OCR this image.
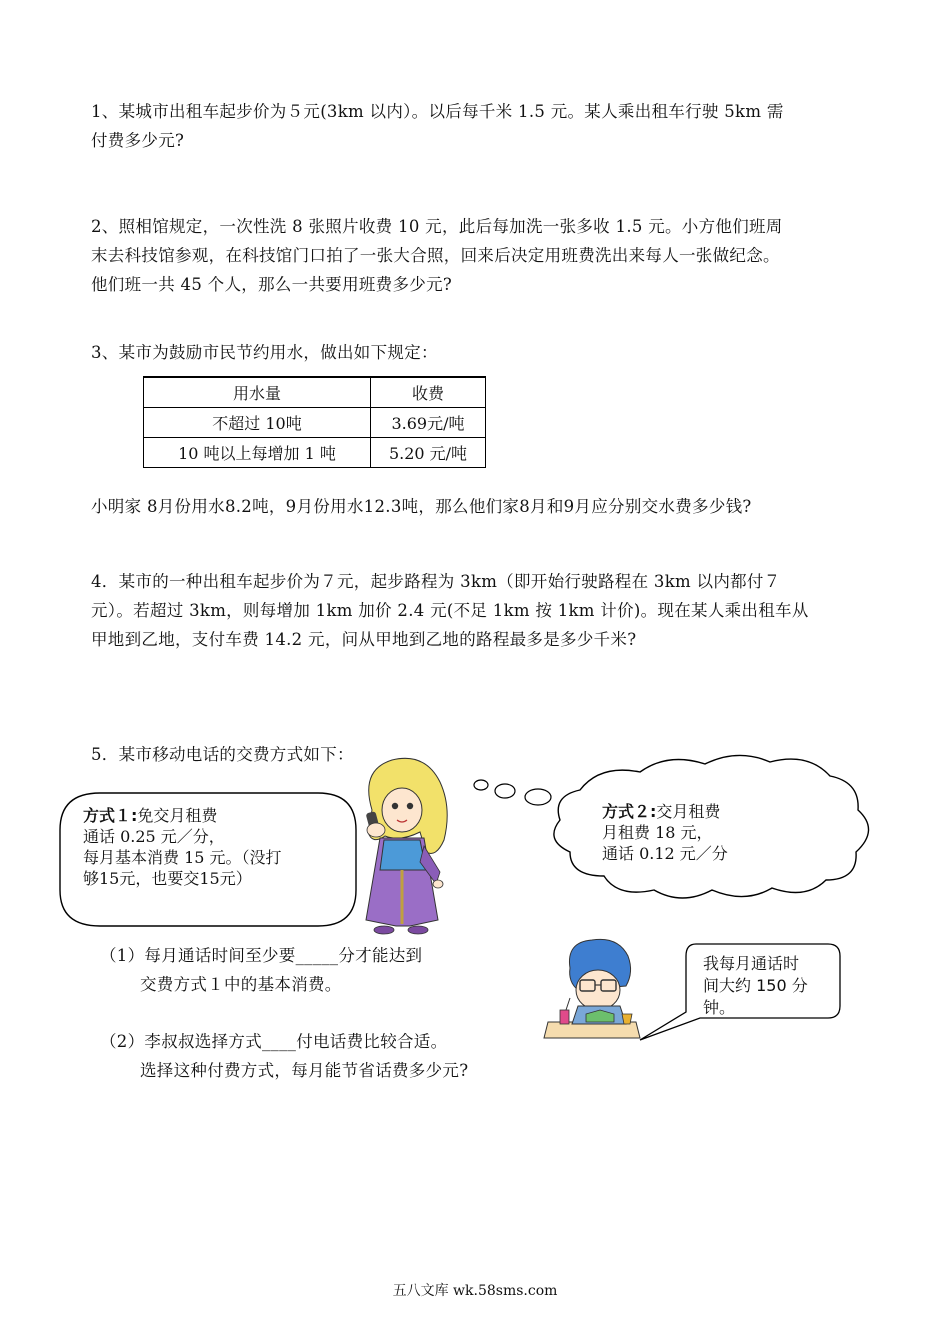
1、某城市出租车起步价为５元(3km 以内）。以后每千米 1.5 元。某人乘出租车行驶 5km 需
付费多少元?
2、照相馆规定，一次性洗 8 张照片收费 10 元，此后每加洗一张多收 1.5 元。小方他们班周
末去科技馆参观，在科技馆门口拍了一张大合照，回来后决定用班费洗出来每人一张做纪念。
他们班一共 45 个人，那么一共要用班费多少元?
3、某市为鼓励市民节约用水，做出如下规定：
用水量	收费
不超过 10吨	3.69元/吨
10 吨以上每增加 1 吨	5.20 元/吨
小明家 8月份用水8.2吨，9月份用水12.3吨，那么他们家8月和9月应分别交水费多少钱?
4．某市的一种出租车起步价为７元，起步路程为 3km（即开始行驶路程在 3km 以内都付７
元）。若超过 3km，则每增加 1km 加价 2.4 元(不足 1km 按 1km 计价)。现在某人乘出租车从
甲地到乙地，支付车费 14.2 元，问从甲地到乙地的路程最多是多少千米?
5．某市移动电话的交费方式如下：
方式１:免交月租费
通话 0.25 元／分，
每月基本消费 15 元。（没打
够15元，也要交15元）
方式２:交月租费
月租费 18 元，
通话 0.12 元／分
（1）每月通话时间至少要_____分才能达到
交费方式１中的基本消费。
（2）李叔叔选择方式____付电话费比较合适。
选择这种付费方式，每月能节省话费多少元?
我每月通话时
间大约 150 分
钟。
五八文库 wk.58sms.com
